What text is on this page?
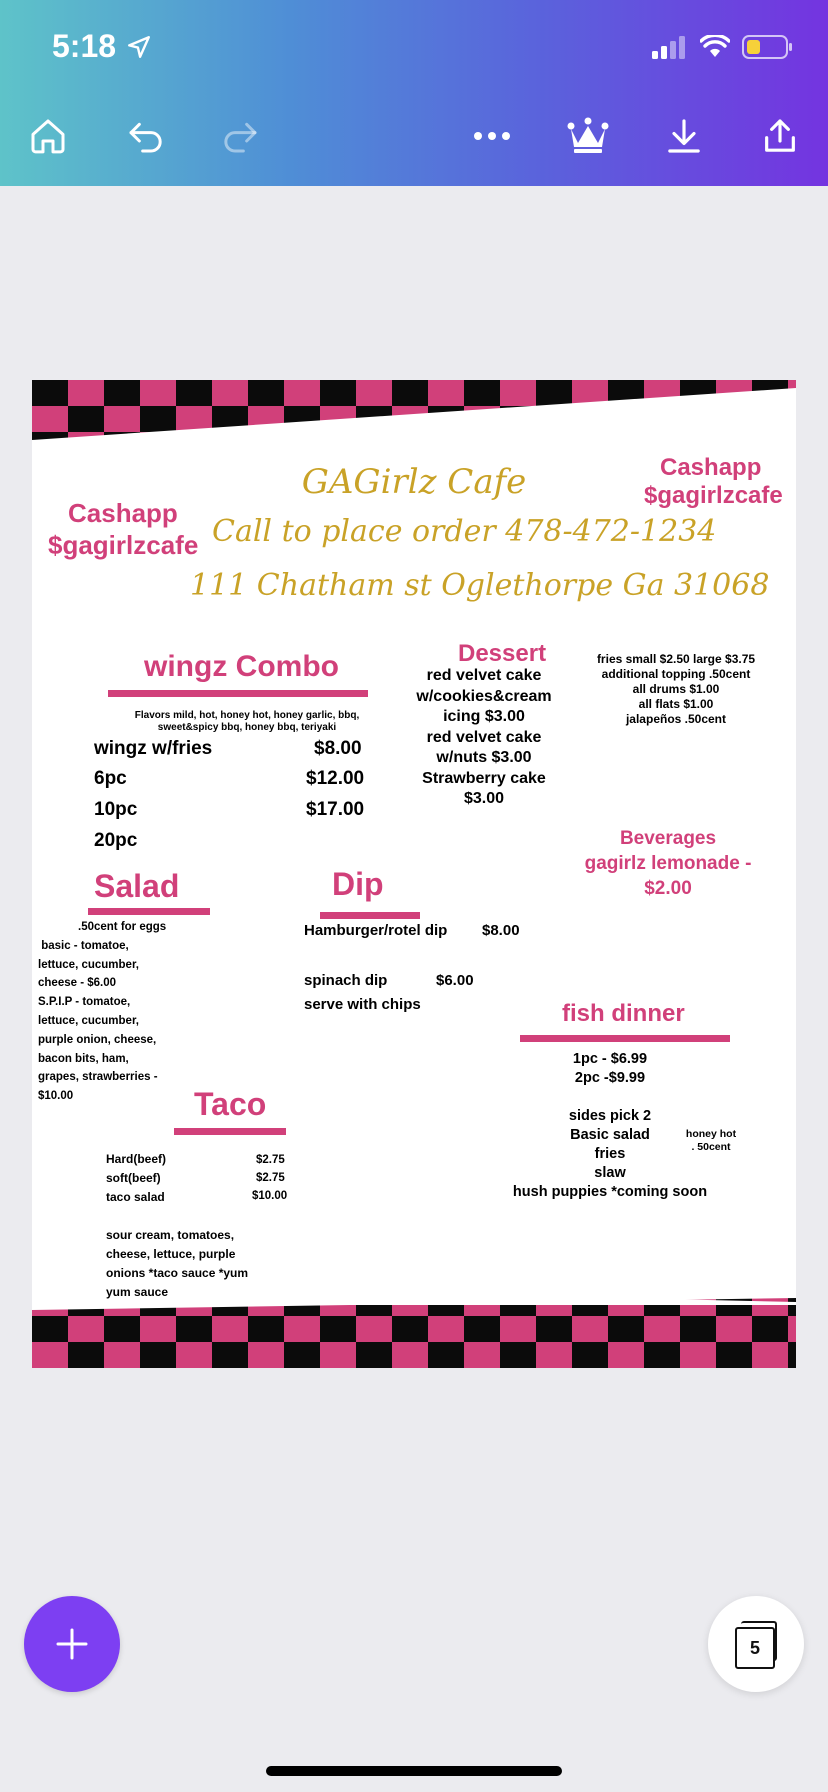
5:18
GAGirlz Cafe
Call to place order 478-472-1234
111 Chatham st Oglethorpe Ga 31068
Cashapp
$gagirlzcafe
Cashapp
$gagirlzcafe
wingz Combo
Flavors mild, hot, honey hot, honey garlic, bbq,
sweet&spicy bbq, honey bbq, teriyaki
wingz w/fries	$8.00
6pc	$12.00
10pc	$17.00
20pc
Dessert
red velvet cake
w/cookies&cream
icing $3.00
red velvet cake
w/nuts $3.00
Strawberry cake
$3.00
fries small $2.50 large $3.75
additional topping .50cent
all drums $1.00
all flats $1.00
jalapeños .50cent
Beverages
gagirlz lemonade -
$2.00
Salad
.50cent for eggs
basic - tomatoe,
lettuce, cucumber,
cheese - $6.00
S.P.I.P - tomatoe,
lettuce, cucumber,
purple onion, cheese,
bacon bits, ham,
grapes, strawberries -
$10.00
Dip
Hamburger/rotel dip $8.00
spinach dip	$6.00
serve with chips	fish dinner
1pc - $6.99
2pc -$9.99
sides pick 2
Basic salad
fries
slaw
hush puppies *coming soon
honey hot
. 50cent
Taco
Hard(beef)	$2.75
soft(beef)	$2.75
taco salad	$10.00
sour cream, tomatoes,
cheese, lettuce, purple
onions *taco sauce *yum
yum sauce
5
